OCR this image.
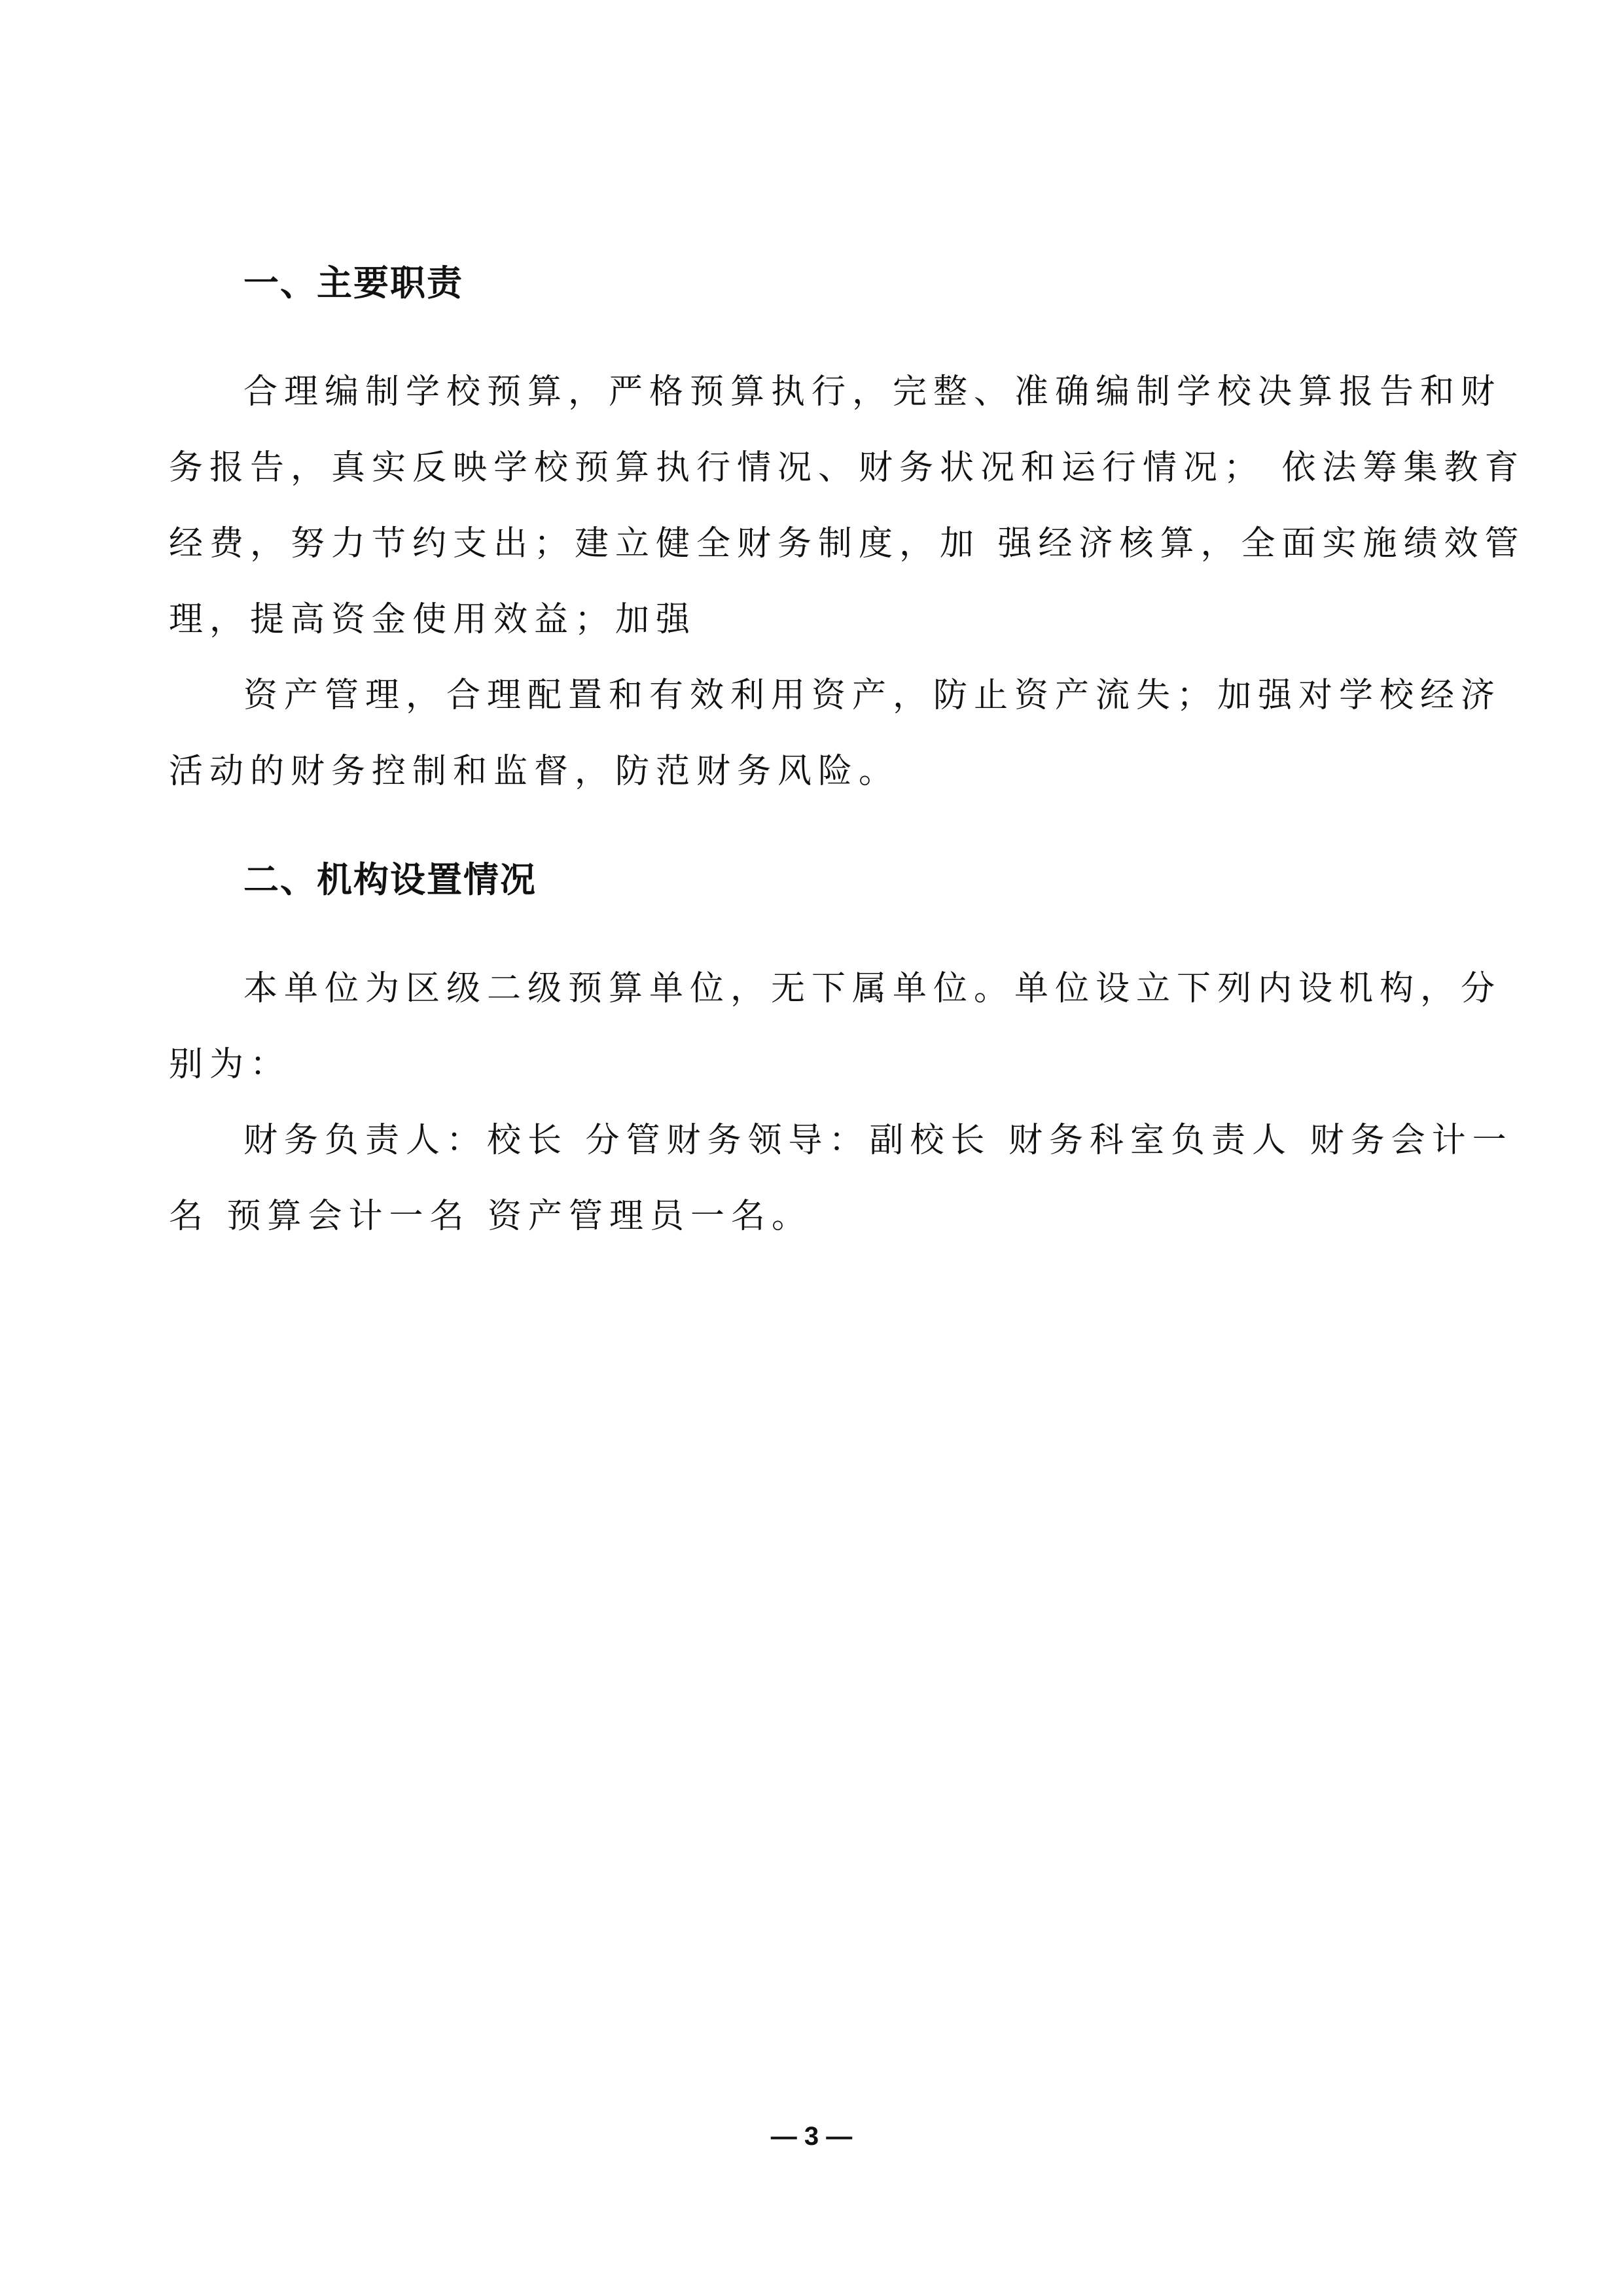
一、主要职责
合理编制学校预算，严格预算执行，完整、准确编制学校决算报告和财
务报告，真实反映学校预算执行情况、财务状况和运行情况； 依法筹集教育
经费，努力节约支出；建立健全财务制度，加 强经济核算，全面实施绩效管
理，提高资金使用效益；加强
资产管理，合理配置和有效利用资产，防止资产流失；加强对学校经济
活动的财务控制和监督，防范财务风险。
二、机构设置情况
本单位为区级二级预算单位，无下属单位。单位设立下列内设机构，分
别为：
财务负责人：校长 分管财务领导：副校长 财务科室负责人 财务会计一
名 预算会计一名 资产管理员一名。
— 3 —
